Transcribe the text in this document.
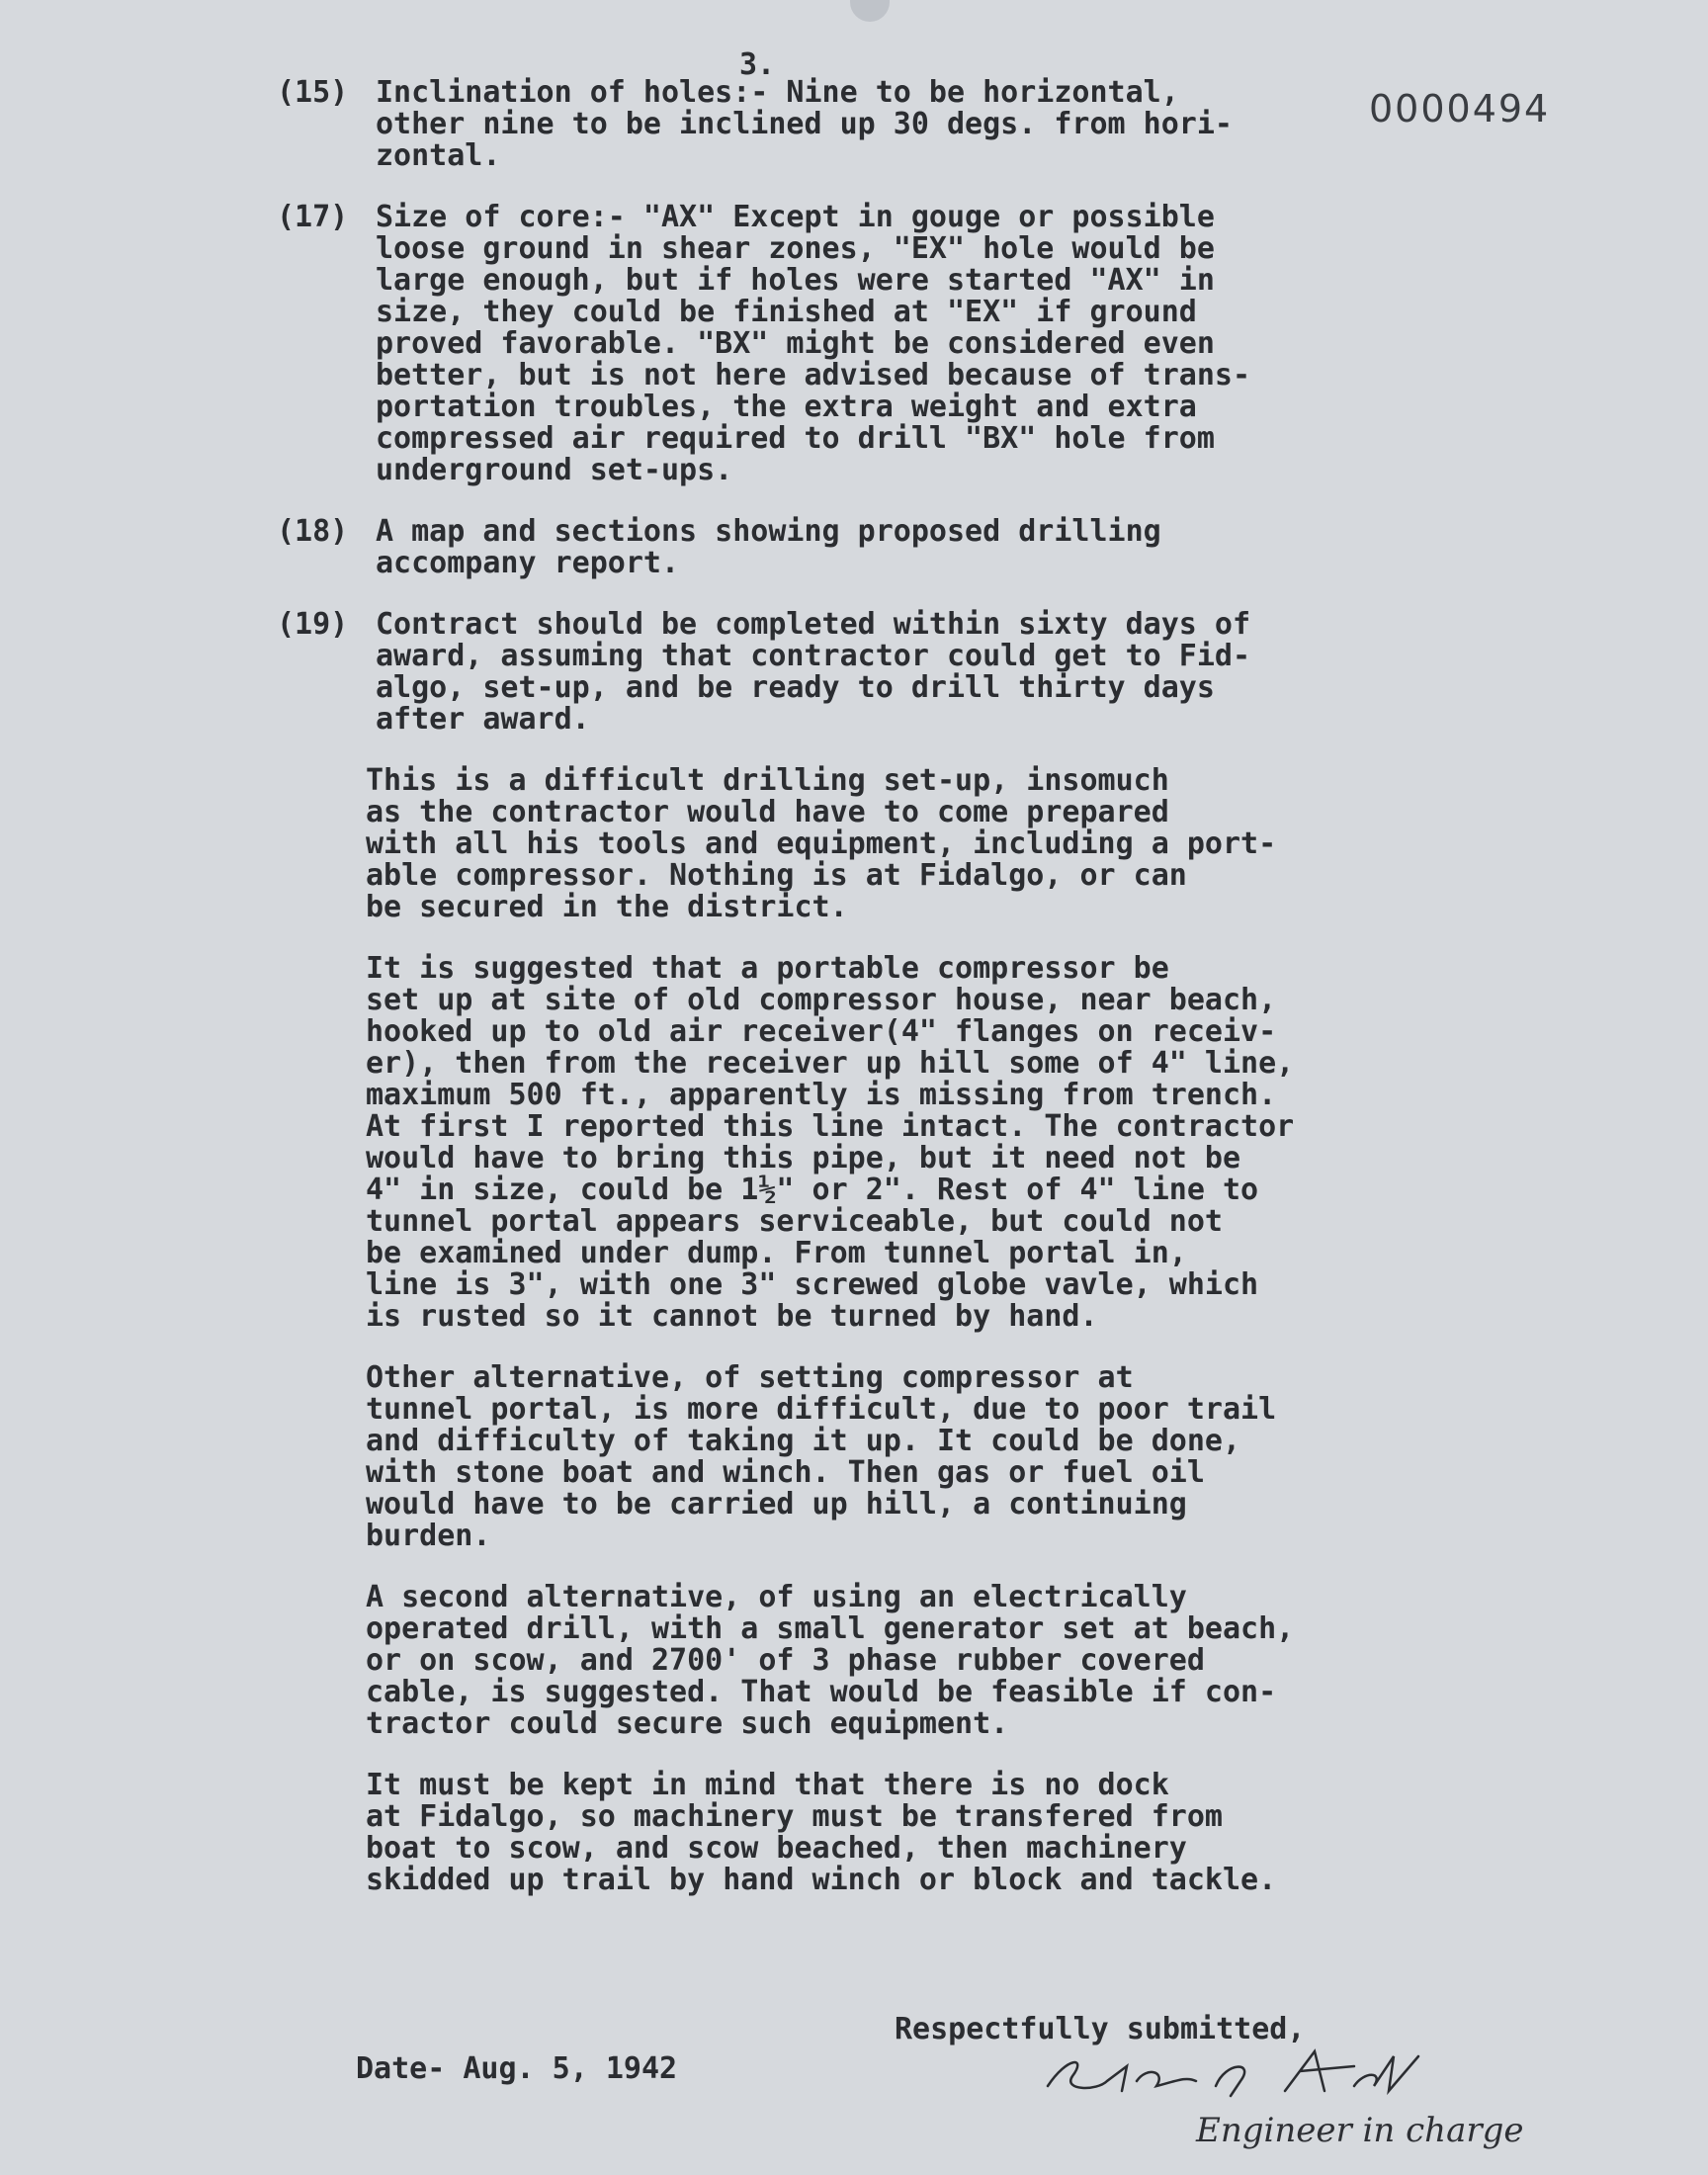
3.
0000494
(15) Inclination of holes:- Nine to be horizontal,
other nine to be inclined up 30 degs. from hori-
zontal.
(17) Size of core:- "AX" Except in gouge or possible
loose ground in shear zones, "EX" hole would be
large enough, but if holes were started "AX" in
size, they could be finished at "EX" if ground
proved favorable. "BX" might be considered even
better, but is not here advised because of trans-
portation troubles, the extra weight and extra
compressed air required to drill "BX" hole from
underground set-ups.
(18) A map and sections showing proposed drilling
accompany report.
(19) Contract should be completed within sixty days of
award, assuming that contractor could get to Fid-
algo, set-up, and be ready to drill thirty days
after award.

This is a difficult drilling set-up, insomuch
as the contractor would have to come prepared
with all his tools and equipment, including a port-
able compressor. Nothing is at Fidalgo, or can
be secured in the district.

It is suggested that a portable compressor be
set up at site of old compressor house, near beach,
hooked up to old air receiver(4" flanges on receiv-
er), then from the receiver up hill some of 4" line,
maximum 500 ft., apparently is missing from trench.
At first I reported this line intact. The contractor
would have to bring this pipe, but it need not be
4" in size, could be 1½" or 2". Rest of 4" line to
tunnel portal appears serviceable, but could not
be examined under dump. From tunnel portal in,
line is 3", with one 3" screwed globe vavle, which
is rusted so it cannot be turned by hand.

Other alternative, of setting compressor at
tunnel portal, is more difficult, due to poor trail
and difficulty of taking it up. It could be done,
with stone boat and winch. Then gas or fuel oil
would have to be carried up hill, a continuing
burden.

A second alternative, of using an electrically
operated drill, with a small generator set at beach,
or on scow, and 2700' of 3 phase rubber covered
cable, is suggested. That would be feasible if con-
tractor could secure such equipment.

It must be kept in mind that there is no dock
at Fidalgo, so machinery must be transfered from
boat to scow, and scow beached, then machinery
skidded up trail by hand winch or block and tackle.

Respectfully submitted,
Date- Aug. 5, 1942
Engineer in charge
